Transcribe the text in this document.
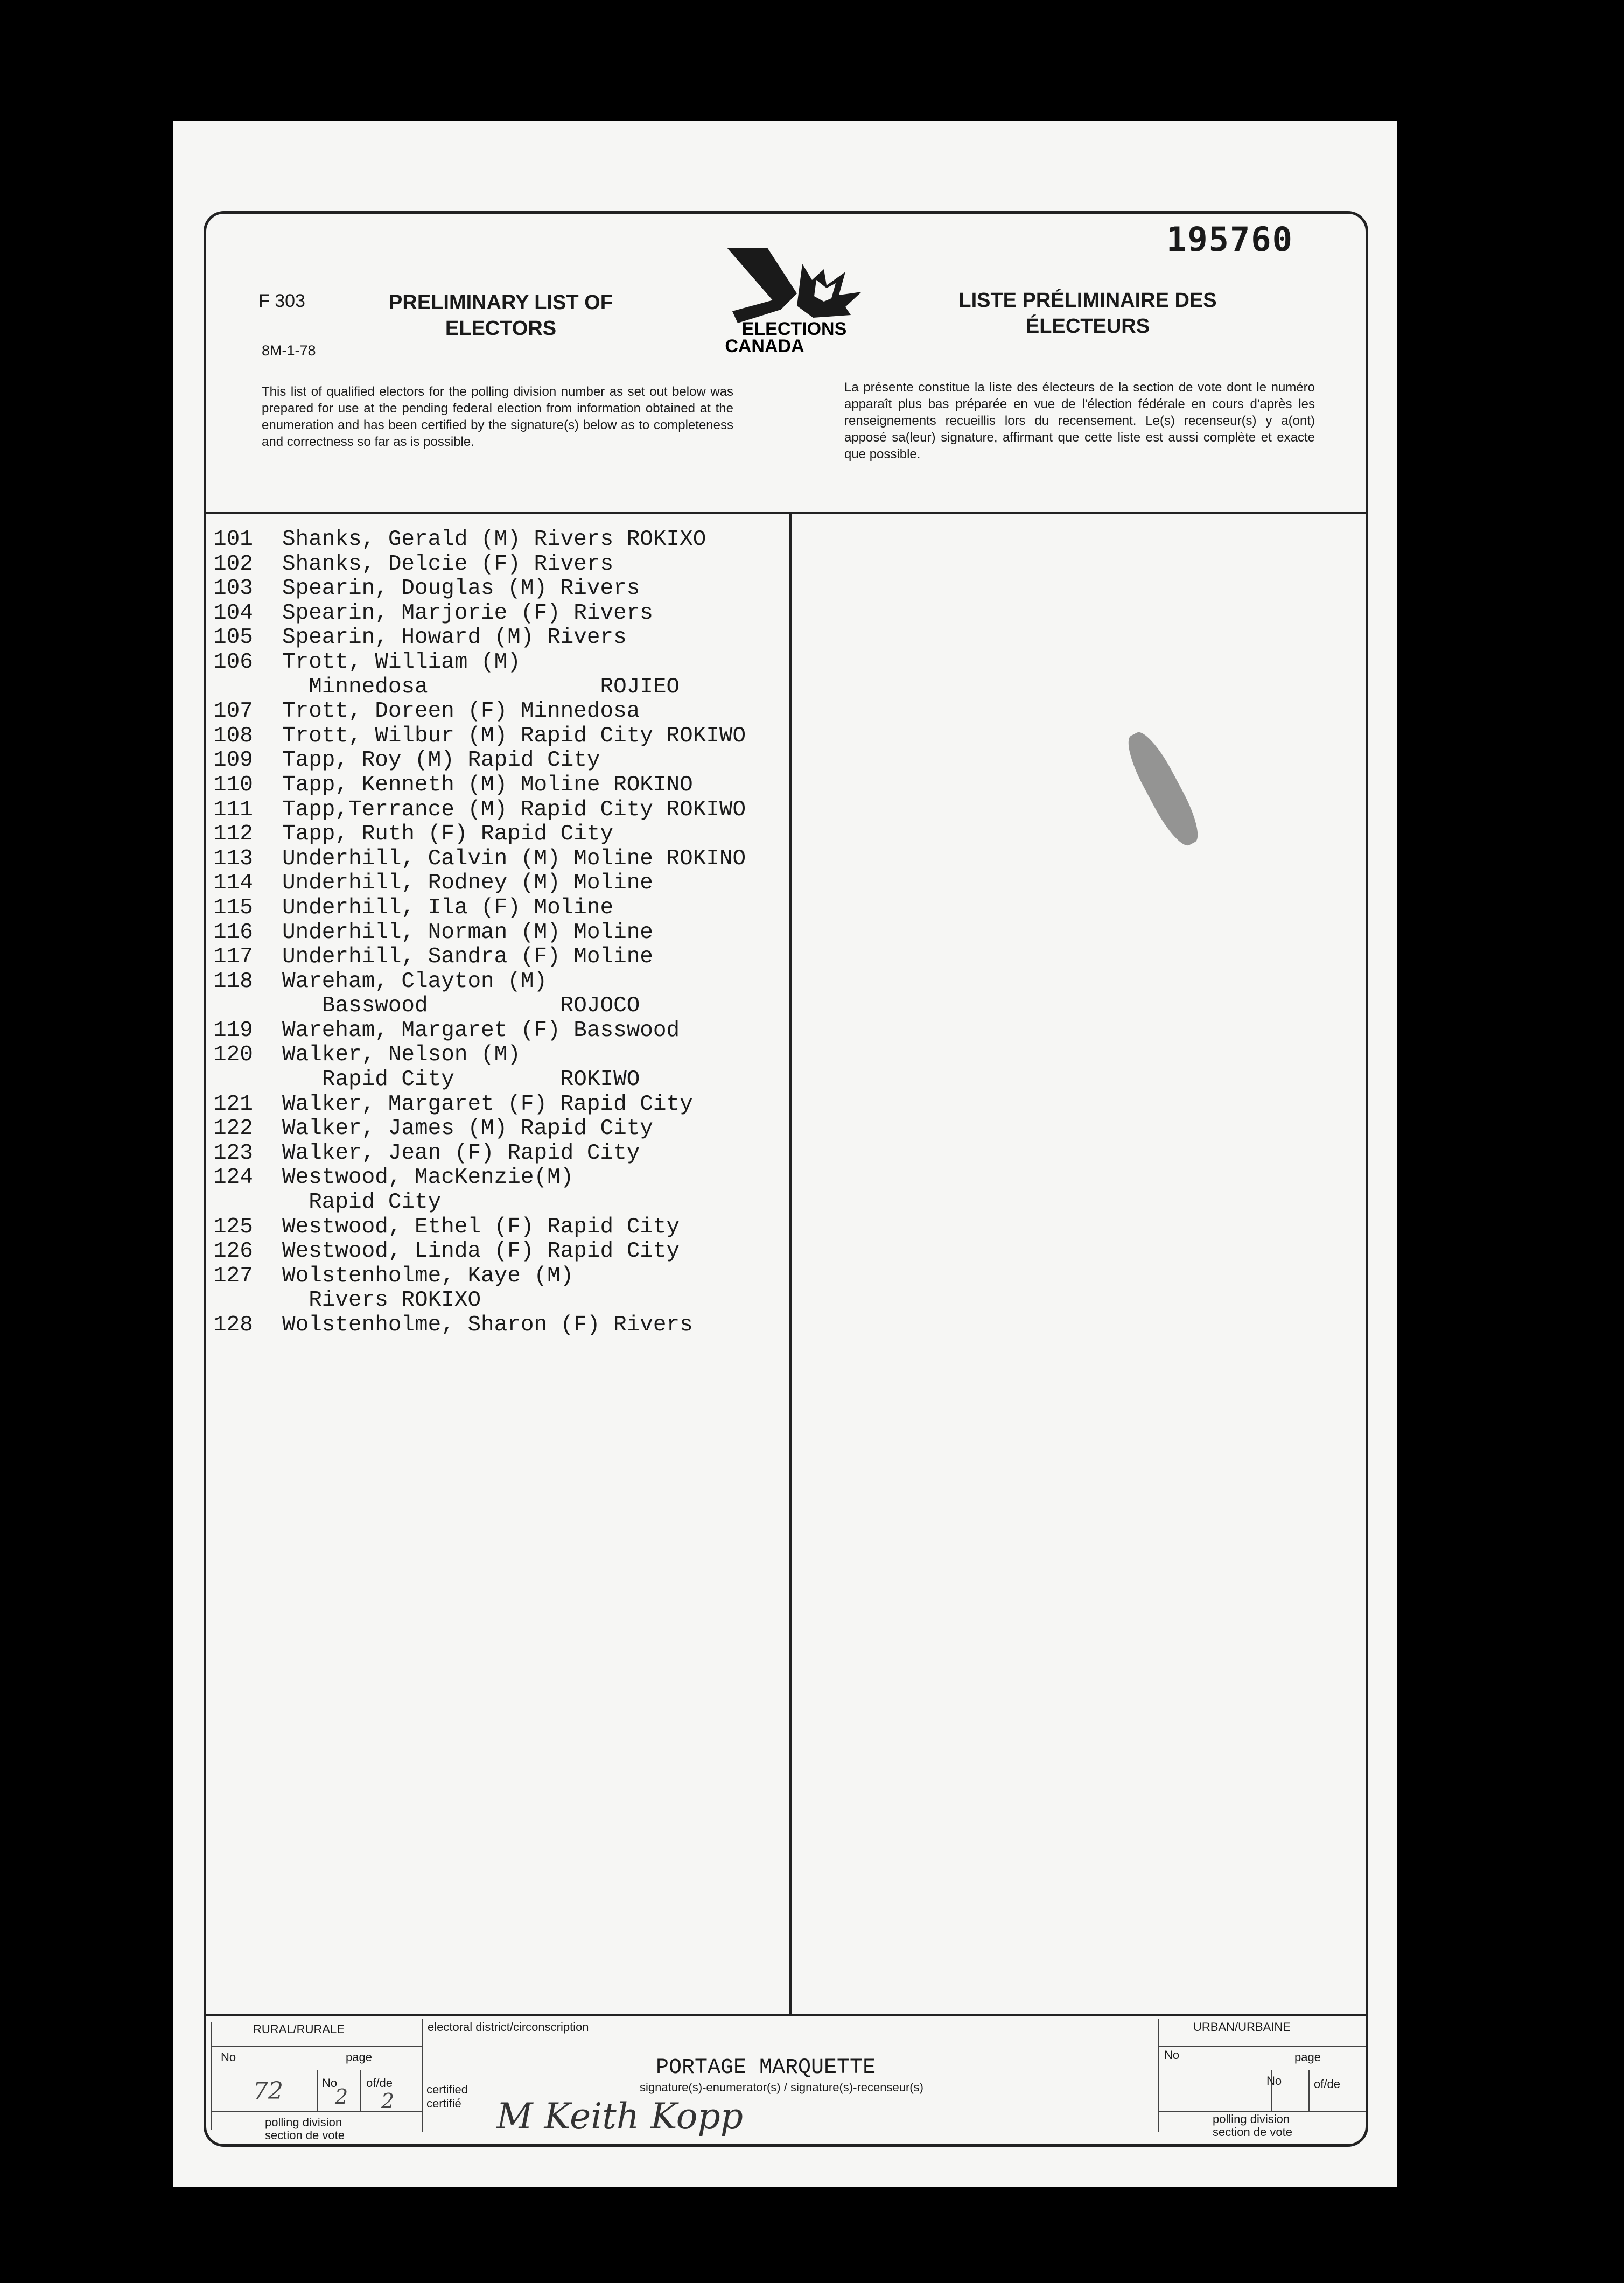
195760

F 303

8M-1-78

PRELIMINARY LIST OF ELECTORS

LISTE PRÉLIMINAIRE DES ÉLECTEURS

ELECTIONS
CANADA

This list of qualified electors for the polling division number as set out below was prepared for use at the pending federal election from information obtained at the enumeration and has been certified by the signature(s) below as to completeness and correctness so far as is possible.

La présente constitue la liste des électeurs de la section de vote dont le numéro apparaît plus bas préparée en vue de l'élection fédérale en cours d'après les renseignements recueillis lors du recensement. Le(s) recenseur(s) y a(ont) apposé sa(leur) signature, affirmant que cette liste est aussi complète et exacte que possible.

101 Shanks, Gerald (M) Rivers ROKIXO
102 Shanks, Delcie (F) Rivers
103 Spearin, Douglas (M) Rivers
104 Spearin, Marjorie (F) Rivers
105 Spearin, Howard (M) Rivers
106 Trott, William (M)
Minnedosa             ROJIEO
107 Trott, Doreen (F) Minnedosa
108 Trott, Wilbur (M) Rapid City ROKIWO
109 Tapp, Roy (M) Rapid City
110 Tapp, Kenneth (M) Moline ROKINO
111 Tapp,Terrance (M) Rapid City ROKIWO
112 Tapp, Ruth (F) Rapid City
113 Underhill, Calvin (M) Moline ROKINO
114 Underhill, Rodney (M) Moline
115 Underhill, Ila (F) Moline
116 Underhill, Norman (M) Moline
117 Underhill, Sandra (F) Moline
118 Wareham, Clayton (M)
Basswood          ROJOCO
119 Wareham, Margaret (F) Basswood
120 Walker, Nelson (M)
Rapid City        ROKIWO
121 Walker, Margaret (F) Rapid City
122 Walker, James (M) Rapid City
123 Walker, Jean (F) Rapid City
124 Westwood, MacKenzie(M)
Rapid City
125 Westwood, Ethel (F) Rapid City
126 Westwood, Linda (F) Rapid City
127 Wolstenholme, Kaye (M)
Rivers ROKIXO
128 Wolstenholme, Sharon (F) Rivers

RURAL/RURALE	electoral district/circonscription	URBAN/URBAINE

No	page

No of/de

72	2 2

polling division section de vote

PORTAGE MARQUETTE

certified certifié

signature(s)-enumerator(s) / signature(s)-recenseur(s)

M Keith Kopp

No	page

No	of/de

polling division section de vote
